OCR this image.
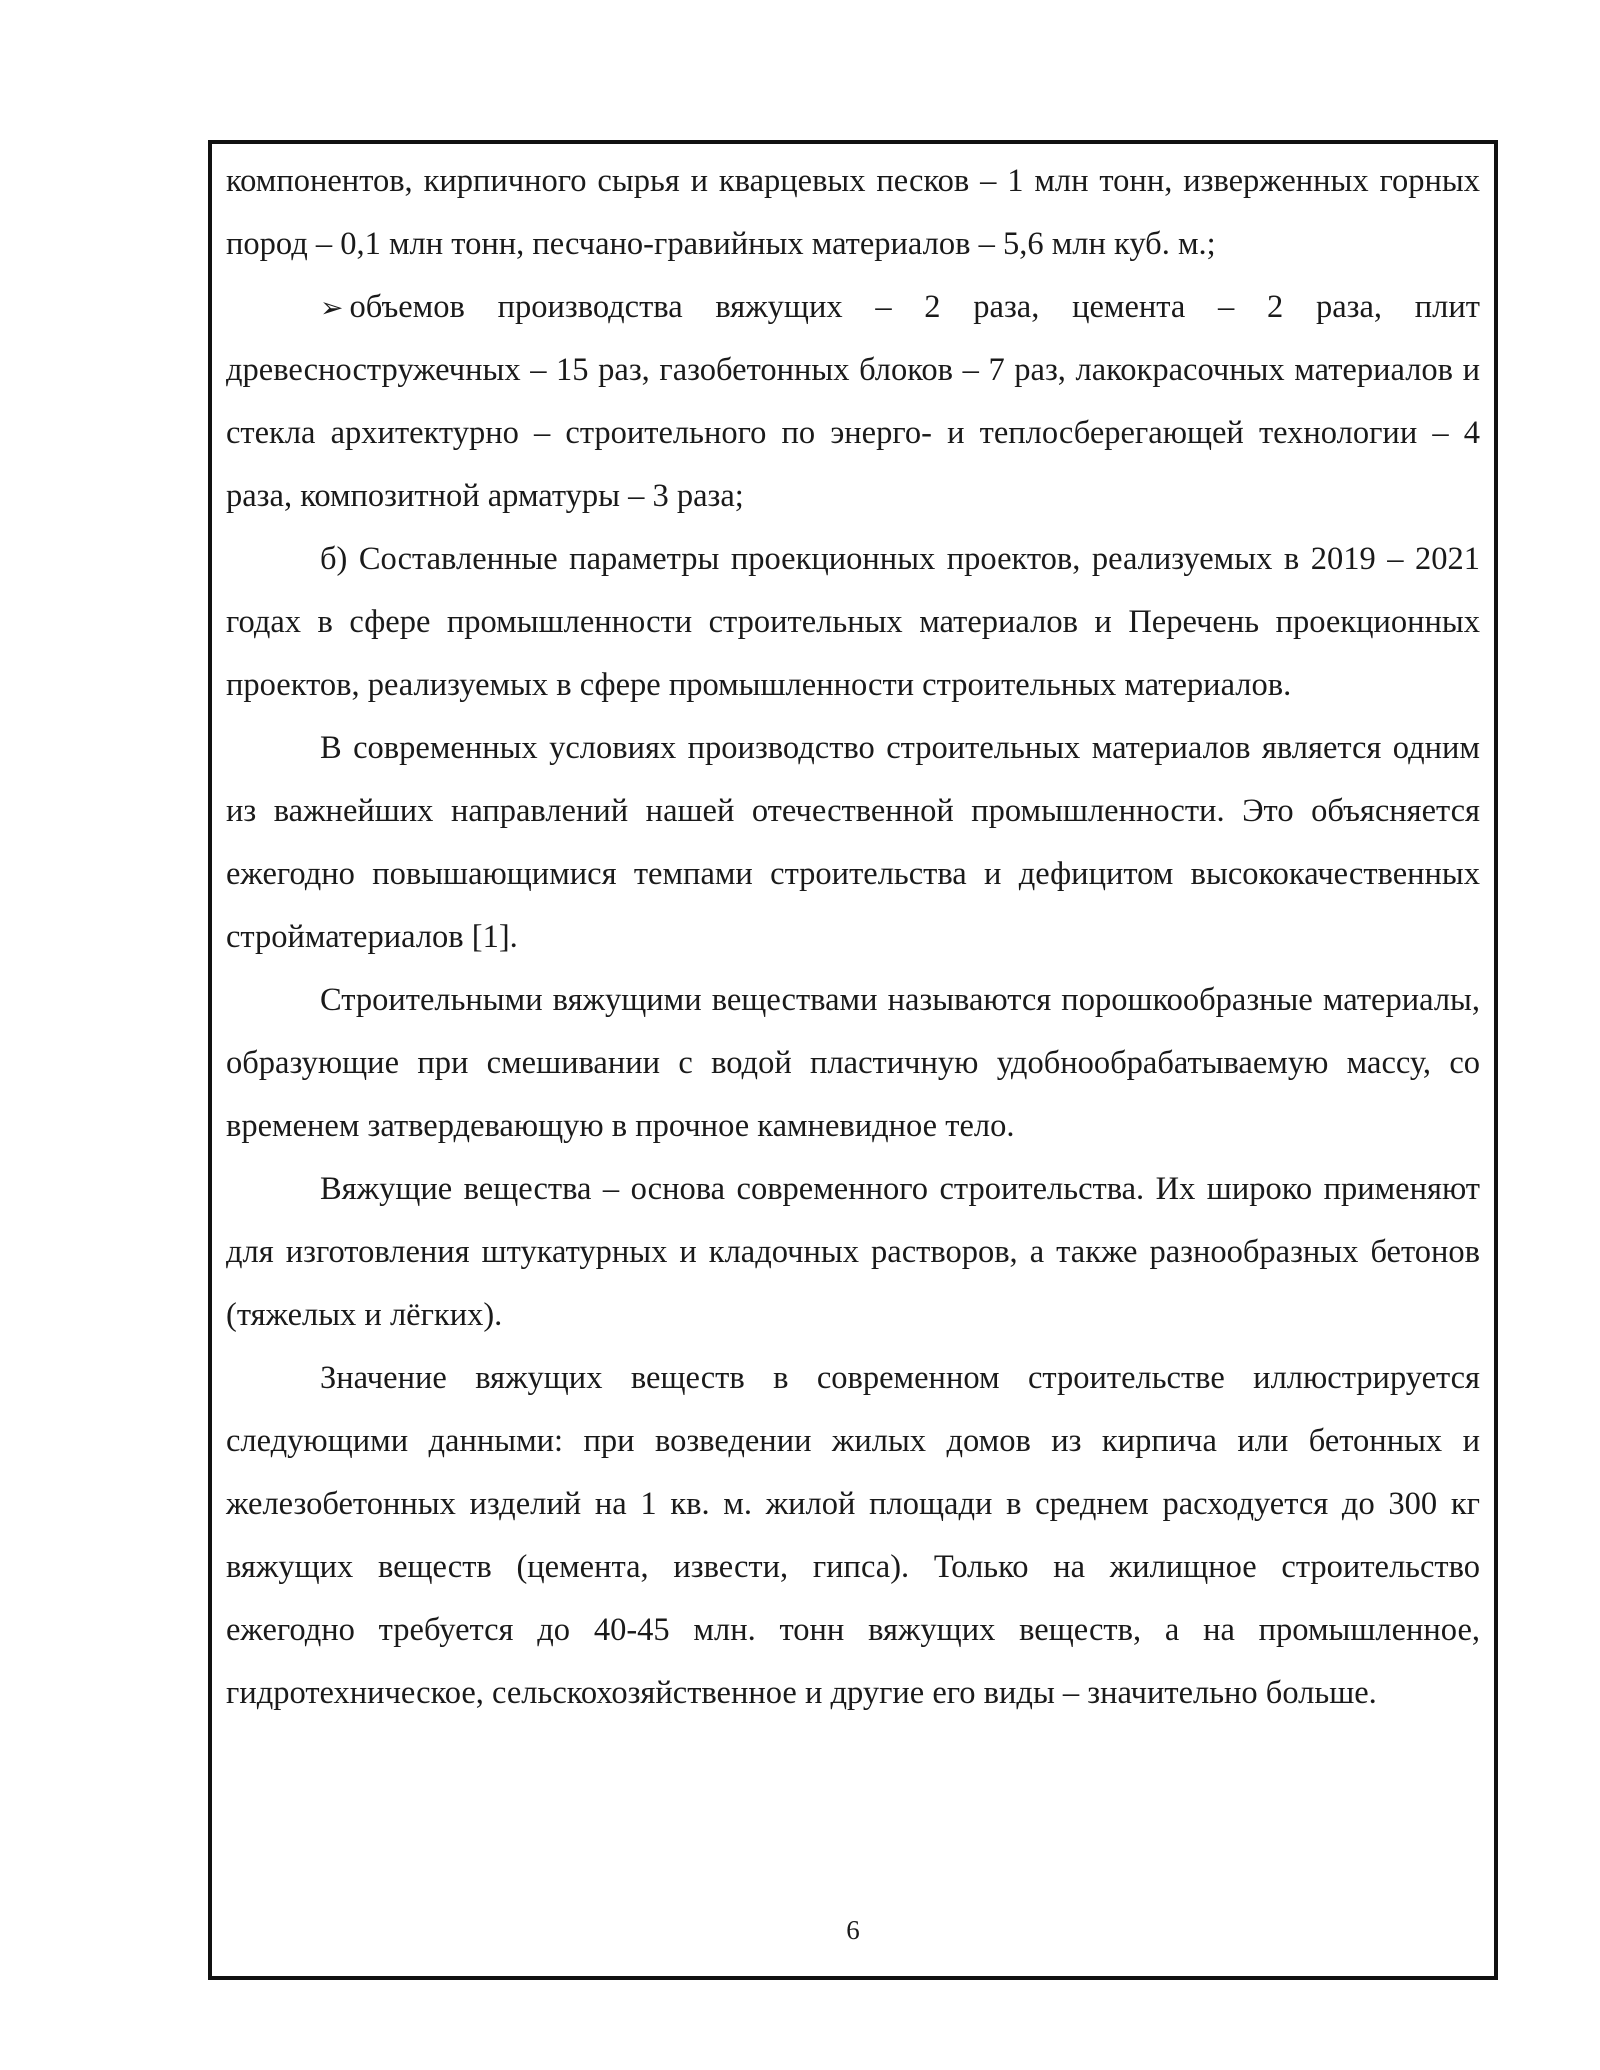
компонентов, кирпичного сырья и кварцевых песков – 1 млн тонн, изверженных горных пород – 0,1 млн тонн, песчано-гравийных материалов – 5,6 млн куб. м.;

➢ объемов производства вяжущих – 2 раза, цемента – 2 раза, плит древесностружечных – 15 раз, газобетонных блоков – 7 раз, лакокрасочных материалов и стекла архитектурно – строительного по энерго- и теплосберегающей технологии – 4 раза, композитной арматуры – 3 раза;

б) Составленные параметры проекционных проектов, реализуемых в 2019 – 2021 годах в сфере промышленности строительных материалов и Перечень проекционных проектов, реализуемых в сфере промышленности строительных материалов.

В современных условиях производство строительных материалов является одним из важнейших направлений нашей отечественной промышленности. Это объясняется ежегодно повышающимися темпами строительства и дефицитом высококачественных стройматериалов [1].

Строительными вяжущими веществами называются порошкообразные материалы, образующие при смешивании с водой пластичную удобнообрабатываемую массу, со временем затвердевающую в прочное камневидное тело.

Вяжущие вещества – основа современного строительства. Их широко применяют для изготовления штукатурных и кладочных растворов, а также разнообразных бетонов (тяжелых и лёгких).

Значение вяжущих веществ в современном строительстве иллюстрируется следующими данными: при возведении жилых домов из кирпича или бетонных и железобетонных изделий на 1 кв. м. жилой площади в среднем расходуется до 300 кг вяжущих веществ (цемента, извести, гипса). Только на жилищное строительство ежегодно требуется до 40-45 млн. тонн вяжущих веществ, а на промышленное, гидротехническое, сельскохозяйственное и другие его виды – значительно больше.

6
